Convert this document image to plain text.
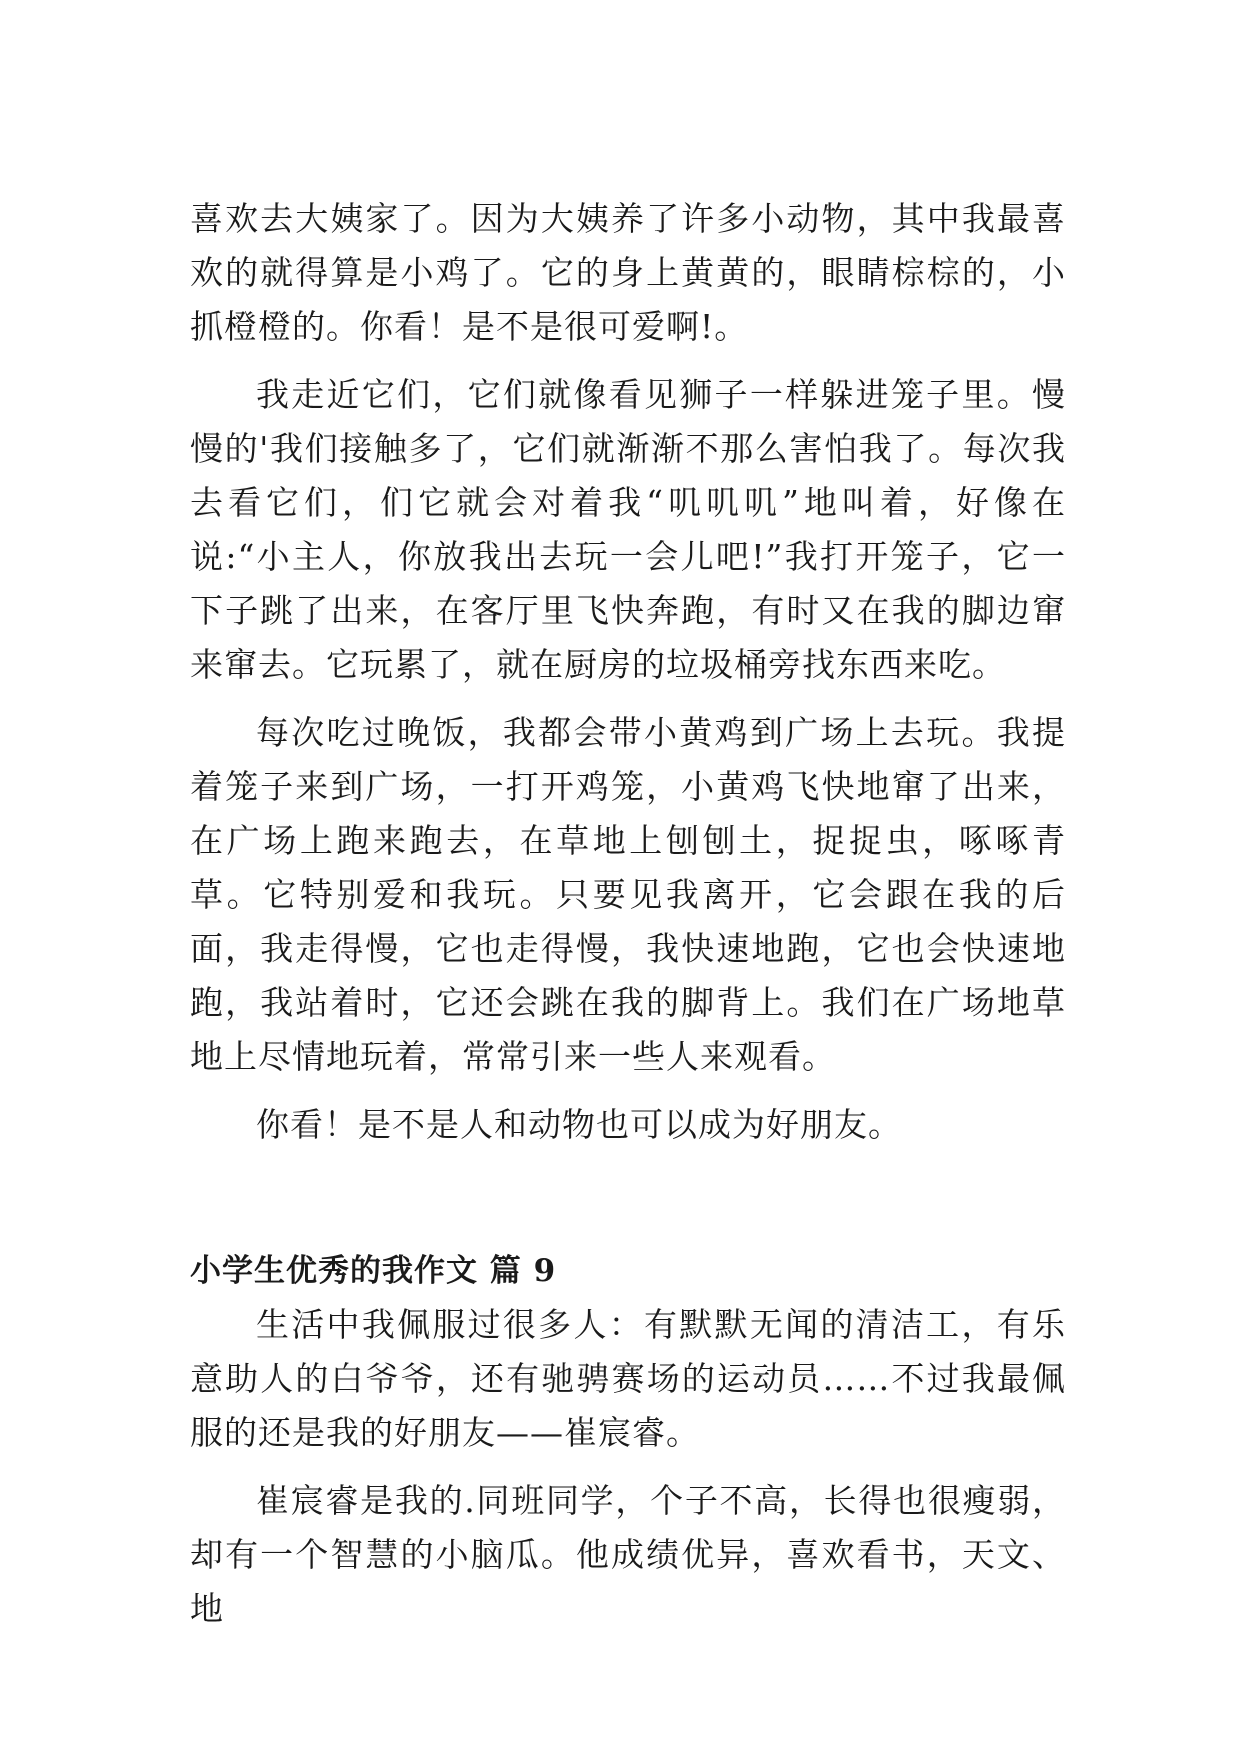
喜欢去大姨家了。因为大姨养了许多小动物，其中我最喜欢的就得算是小鸡了。它的身上黄黄的，眼睛棕棕的，小抓橙橙的。你看！是不是很可爱啊!。

我走近它们，它们就像看见狮子一样躲进笼子里。慢慢的'我们接触多了，它们就渐渐不那么害怕我了。每次我去看它们，们它就会对着我“叽叽叽”地叫着，好像在说:“小主人，你放我出去玩一会儿吧!”我打开笼子，它一下子跳了出来，在客厅里飞快奔跑，有时又在我的脚边窜来窜去。它玩累了，就在厨房的垃圾桶旁找东西来吃。

每次吃过晚饭，我都会带小黄鸡到广场上去玩。我提着笼子来到广场，一打开鸡笼，小黄鸡飞快地窜了出来，在广场上跑来跑去，在草地上刨刨土，捉捉虫，啄啄青草。它特别爱和我玩。只要见我离开，它会跟在我的后面，我走得慢，它也走得慢，我快速地跑，它也会快速地跑，我站着时，它还会跳在我的脚背上。我们在广场地草地上尽情地玩着，常常引来一些人来观看。

你看！是不是人和动物也可以成为好朋友。

小学生优秀的我作文 篇 9

生活中我佩服过很多人：有默默无闻的清洁工，有乐意助人的白爷爷，还有驰骋赛场的运动员……不过我最佩服的还是我的好朋友——崔宸睿。

崔宸睿是我的.同班同学，个子不高，长得也很瘦弱，却有一个智慧的小脑瓜。他成绩优异，喜欢看书，天文、地
